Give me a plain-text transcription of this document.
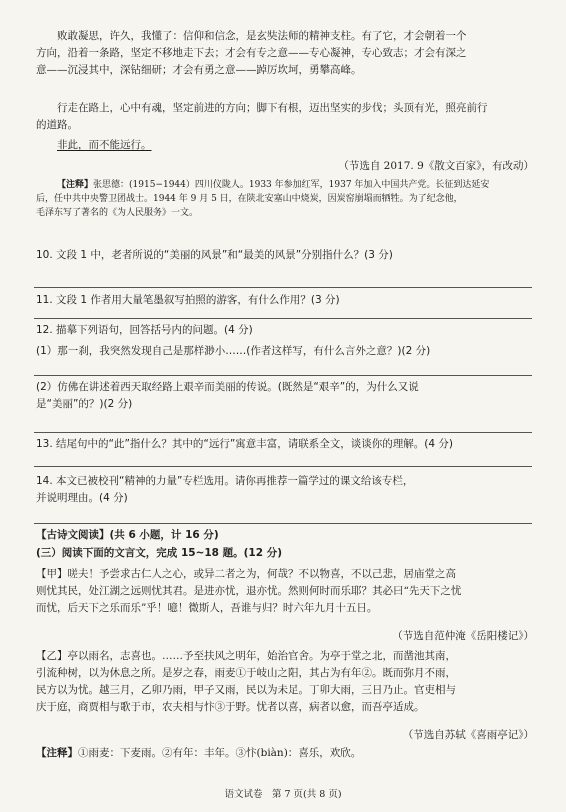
败敢凝思，许久，我懂了：信仰和信念，是玄奘法师的精神支柱。有了它，才会朝着一个
方向，沿着一条路，坚定不移地走下去；才会有专之意——专心凝神，专心致志；才会有深之
意——沉浸其中，深钻细研；才会有勇之意——踔厉坎坷，勇攀高峰。
行走在路上，心中有魂，坚定前进的方向；脚下有根，迈出坚实的步伐；头顶有光，照亮前行
的道路。
非此，而不能远行。
（节选自 2017. 9《散文百家》，有改动）
【注释】张思德：(1915−1944）四川仪陇人。1933 年参加红军，1937 年加入中国共产党。长征到达延安
后，任中共中央警卫团战士。1944 年 9 月 5 日，在陕北安塞山中烧炭，因炭窑崩塌而牺牲。为了纪念他，
毛泽东写了著名的《为人民服务》一文。
10. 文段 1 中，老者所说的“美丽的风景”和“最美的风景”分别指什么？(3 分)
11. 文段 1 作者用大量笔墨叙写拍照的游客，有什么作用？(3 分)
12. 描摹下列语句，回答括号内的问题。(4 分)
(1）那一刹，我突然发现自己是那样渺小……(作者这样写，有什么言外之意？)(2 分)
(2）仿佛在讲述着西天取经路上艰辛而美丽的传说。(既然是“艰辛”的，为什么又说
是“美丽”的？)(2 分)
13. 结尾句中的“此”指什么？其中的“远行”寓意丰富，请联系全文，谈谈你的理解。(4 分)
14. 本文已被校刊“精神的力量”专栏选用。请你再推荐一篇学过的课文给该专栏，
并说明理由。(4 分)
【古诗文阅读】(共 6 小题，计 16 分)
(三）阅读下面的文言文，完成 15~18 题。(12 分)
【甲】嗟夫！予尝求古仁人之心，或异二者之为，何哉？不以物喜，不以己悲，居庙堂之高
则忧其民，处江湖之远则忧其君。是进亦忧，退亦忧。然则何时而乐耶？其必曰“先天下之忧
而忧，后天下之乐而乐”乎！噫！微斯人，吾谁与归？时六年九月十五日。
（节选自范仲淹《岳阳楼记》）
【乙】亭以雨名，志喜也。……予至扶风之明年，始治官舍。为亭于堂之北，而凿池其南，
引流种树，以为休息之所。是岁之春，雨麦①于岐山之阳，其占为有年②。既而弥月不雨，
民方以为忧。越三月，乙卯乃雨，甲子又雨，民以为未足。丁卯大雨，三日乃止。官吏相与
庆于庭，商贾相与歌于市，农夫相与忭③于野。忧者以喜，病者以愈，而吾亭适成。
（节选自苏轼《喜雨亭记》）
【注释】①雨麦：下麦雨。②有年：丰年。③忭(biàn)：喜乐，欢欣。
语文试卷　第 7 页(共 8 页)
